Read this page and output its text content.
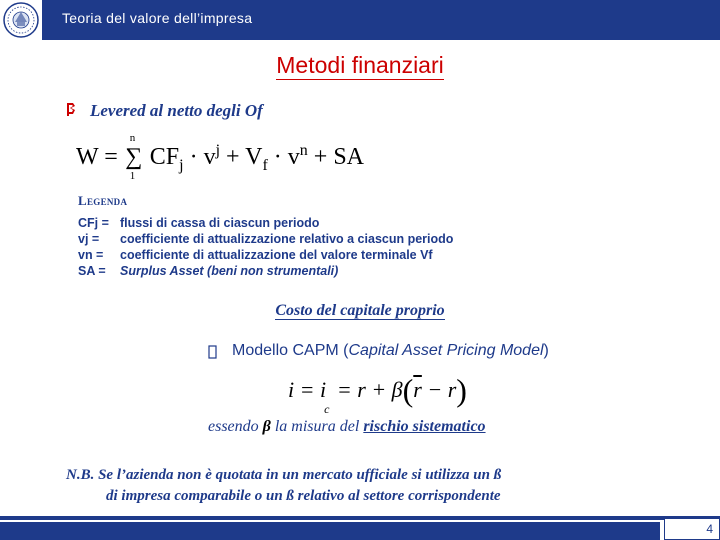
Teoria del valore dell’impresa
Metodi finanziari
Levered al netto degli Of
W = ∑
n
1
$CF_j \cdot v^j + V_f \cdot v^n$ + SA
Legenda
CFj = flussi di cassa di ciascun periodo
vj =	coefficiente di attualizzazione relativo a ciascun periodo
vn =	coefficiente di attualizzazione del valore terminale Vf
SA =	Surplus Asset (beni non strumentali)
Costo del capitale proprio
Modello CAPM (Capital Asset Pricing Model)
i = ic = $r + \beta(\overline{r} - r)$
essendo β la misura del rischio sistematico
N.B. Se l’azienda non è quotata in un mercato ufficiale si utilizza un ß
di impresa comparabile o un ß relativo al settore corrispondente
4
